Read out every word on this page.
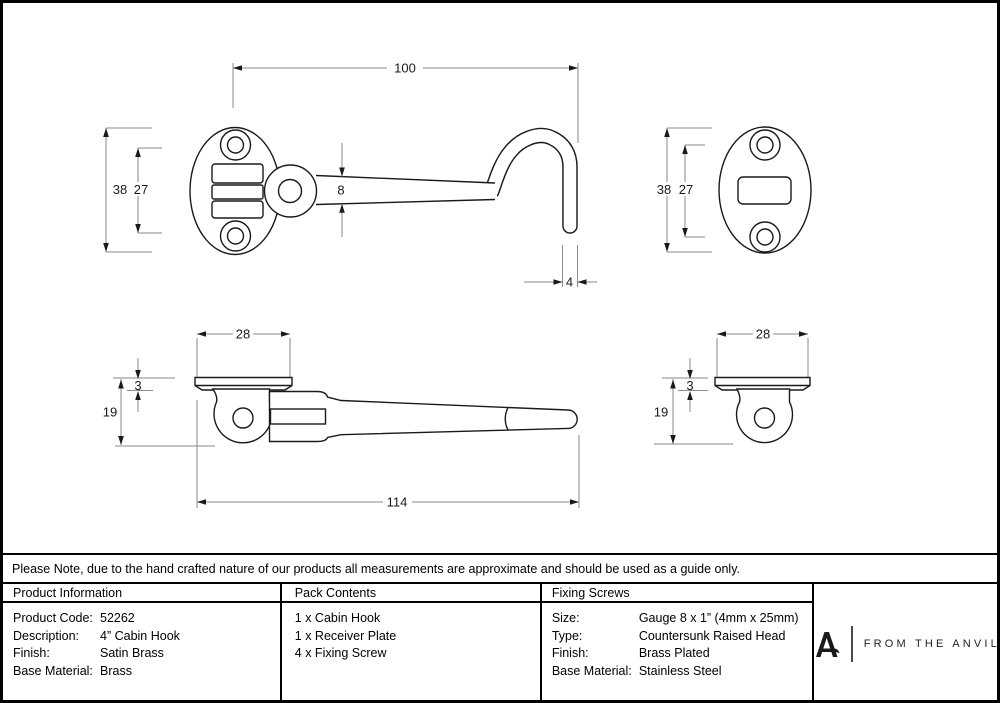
100
38 27	8
4
38 27
28
3
19
114
28
3
19
Please Note, due to the hand crafted nature of our products all measurements are approximate and should be used as a guide only.
Product Information
Product Code: 52262
Description:	4” Cabin Hook
Finish:	Satin Brass
Base Material: Brass
Pack Contents
1 x Cabin Hook
1 x Receiver Plate
4 x Fixing Screw
Fixing Screws
Size:	Gauge 8 x 1” (4mm x 25mm)
Type:	Countersunk Raised Head
Finish:	Brass Plated
Base Material: Stainless Steel
FROM THE ANVIL
